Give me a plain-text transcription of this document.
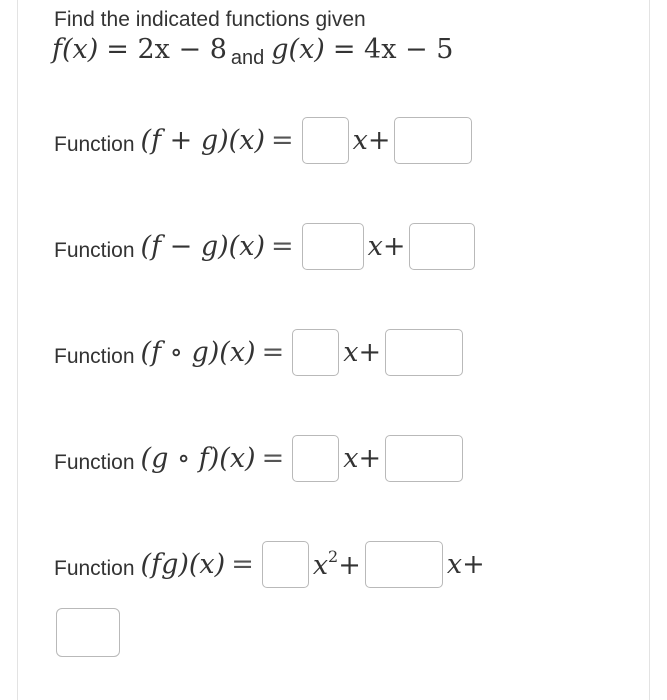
Find the indicated functions given
f(x) = 2x − 8 and g(x) = 4x − 5
Function (f + g)(x) = x+
Function (f − g)(x) =	x+
Function (f ∘ g)(x) = x+
Function (g ∘ f)(x) = x+
Function $(fg)(x) = x^2+$	x+
